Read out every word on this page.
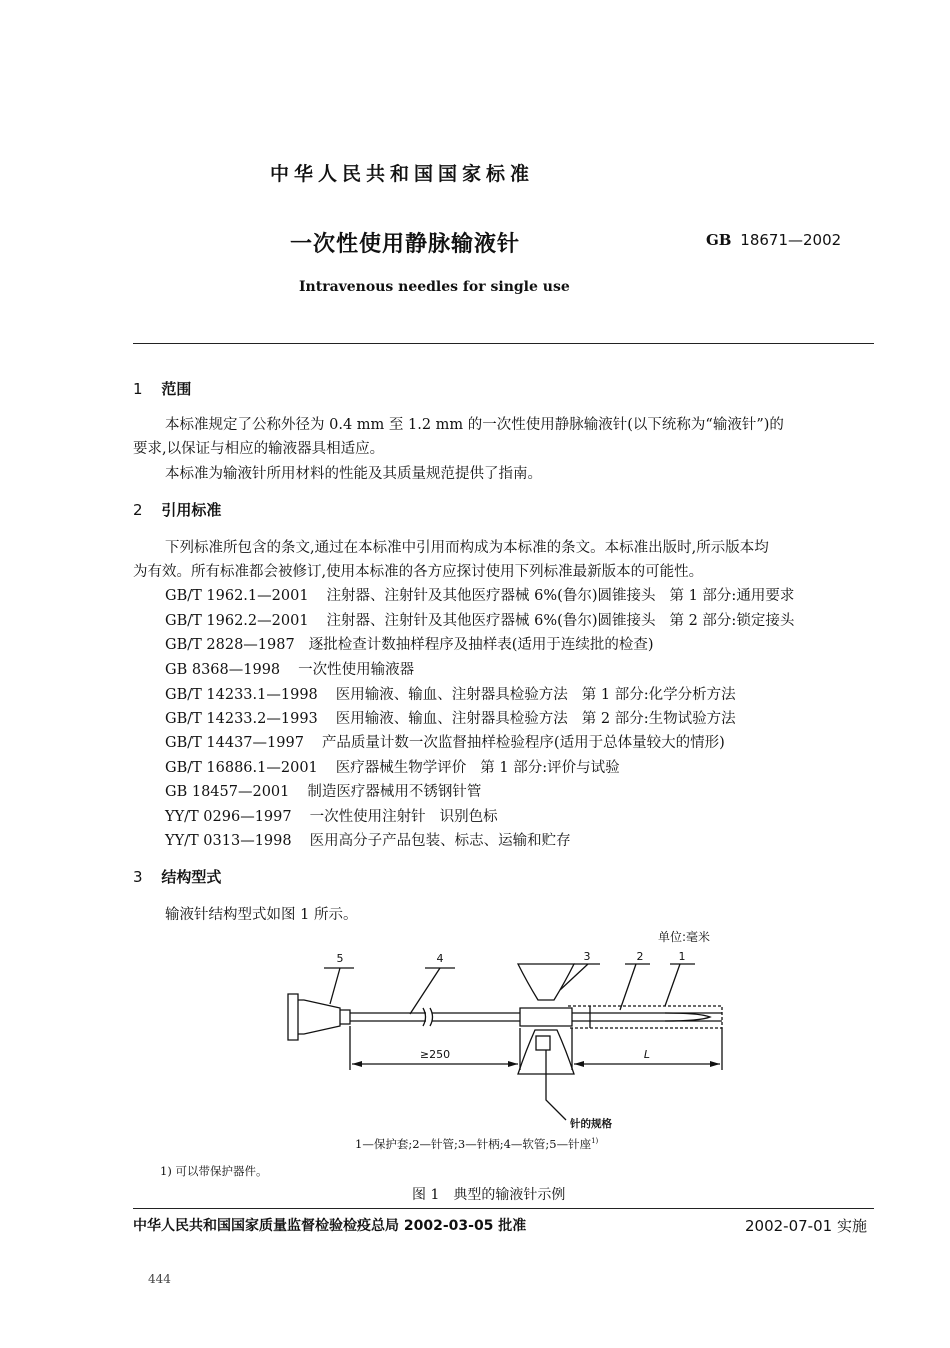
中华人民共和国国家标准
一次性使用静脉输液针	GB 18671—2002
Intravenous needles for single use
1 范围
本标准规定了公称外径为 0.4 mm 至 1.2 mm 的一次性使用静脉输液针(以下统称为“输液针”)的
要求,以保证与相应的输液器具相适应。
本标准为输液针所用材料的性能及其质量规范提供了指南。
2 引用标准
下列标准所包含的条文,通过在本标准中引用而构成为本标准的条文。本标准出版时,所示版本均
为有效。所有标准都会被修订,使用本标准的各方应探讨使用下列标准最新版本的可能性。
GB/T 1962.1—2001 注射器、注射针及其他医疗器械 6%(鲁尔)圆锥接头 第 1 部分:通用要求
GB/T 1962.2—2001 注射器、注射针及其他医疗器械 6%(鲁尔)圆锥接头 第 2 部分:锁定接头
GB/T 2828—1987 逐批检查计数抽样程序及抽样表(适用于连续批的检查)
GB 8368—1998 一次性使用输液器
GB/T 14233.1—1998 医用输液、输血、注射器具检验方法 第 1 部分:化学分析方法
GB/T 14233.2—1993 医用输液、输血、注射器具检验方法 第 2 部分:生物试验方法
GB/T 14437—1997 产品质量计数一次监督抽样检验程序(适用于总体量较大的情形)
GB/T 16886.1—2001 医疗器械生物学评价 第 1 部分:评价与试验
GB 18457—2001 制造医疗器械用不锈钢针管
YY/T 0296—1997 一次性使用注射针 识别色标
YY/T 0313—1998 医用高分子产品包装、标志、运输和贮存
3 结构型式
输液针结构型式如图 1 所示。
单位:毫米
5	4	3	2	1
≥250	L
针的规格
1—保护套;2—针管;3—针柄;4—软管;5—针座$^{1)}$
1) 可以带保护器件。
图 1　典型的输液针示例
中华人民共和国国家质量监督检验检疫总局 2002-03-05 批准	2002-07-01 实施
444
